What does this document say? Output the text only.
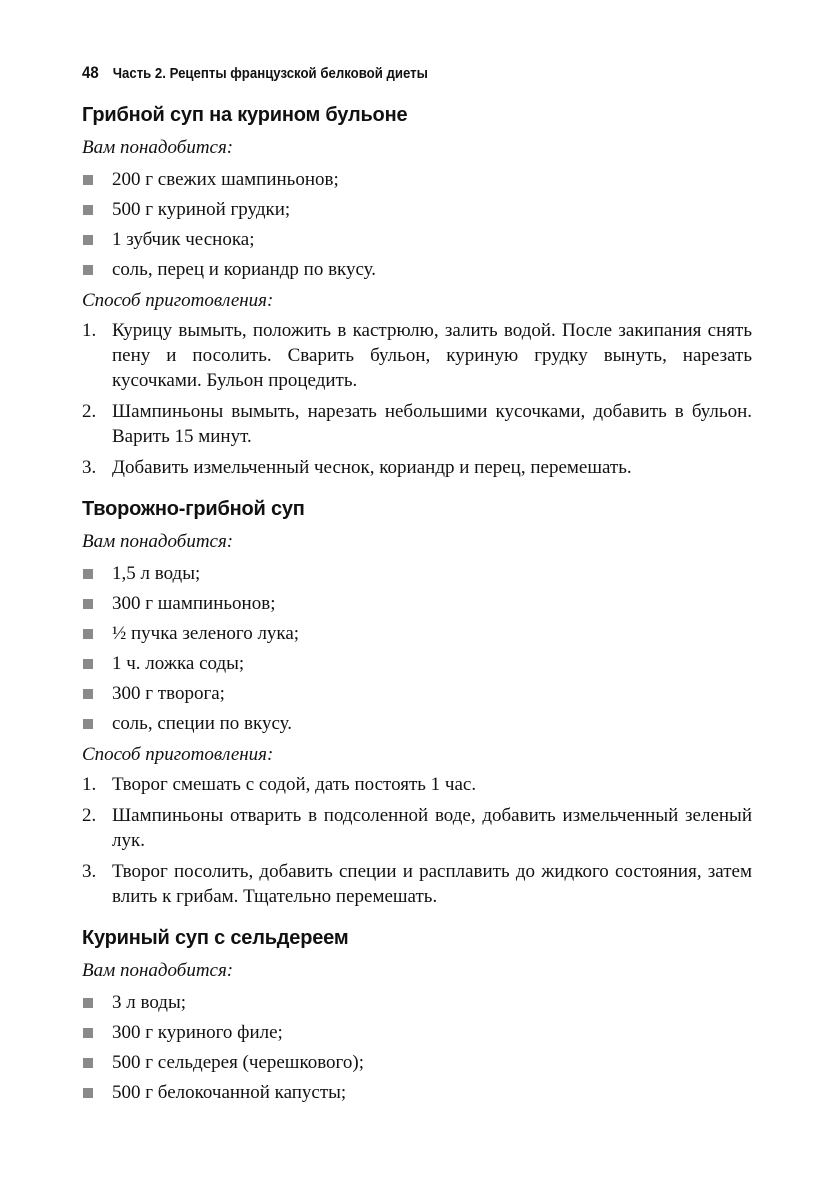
48 Часть 2. Рецепты французской белковой диеты
Грибной суп на курином бульоне
Вам понадобится:
200 г свежих шампиньонов;
500 г куриной грудки;
1 зубчик чеснока;
соль, перец и кориандр по вкусу.
Способ приготовления:
1. Курицу вымыть, положить в кастрюлю, залить водой. После закипания снять пену и посолить. Сварить бульон, куриную грудку вынуть, нарезать кусочками. Бульон процедить.
2. Шампиньоны вымыть, нарезать небольшими кусочками, добавить в бульон. Варить 15 минут.
3. Добавить измельченный чеснок, кориандр и перец, перемешать.
Творожно-грибной суп
Вам понадобится:
1,5 л воды;
300 г шампиньонов;
½ пучка зеленого лука;
1 ч. ложка соды;
300 г творога;
соль, специи по вкусу.
Способ приготовления:
1. Творог смешать с содой, дать постоять 1 час.
2. Шампиньоны отварить в подсоленной воде, добавить измельченный зеленый лук.
3. Творог посолить, добавить специи и расплавить до жидкого состояния, затем влить к грибам. Тщательно перемешать.
Куриный суп с сельдереем
Вам понадобится:
3 л воды;
300 г куриного филе;
500 г сельдерея (черешкового);
500 г белокочанной капусты;
